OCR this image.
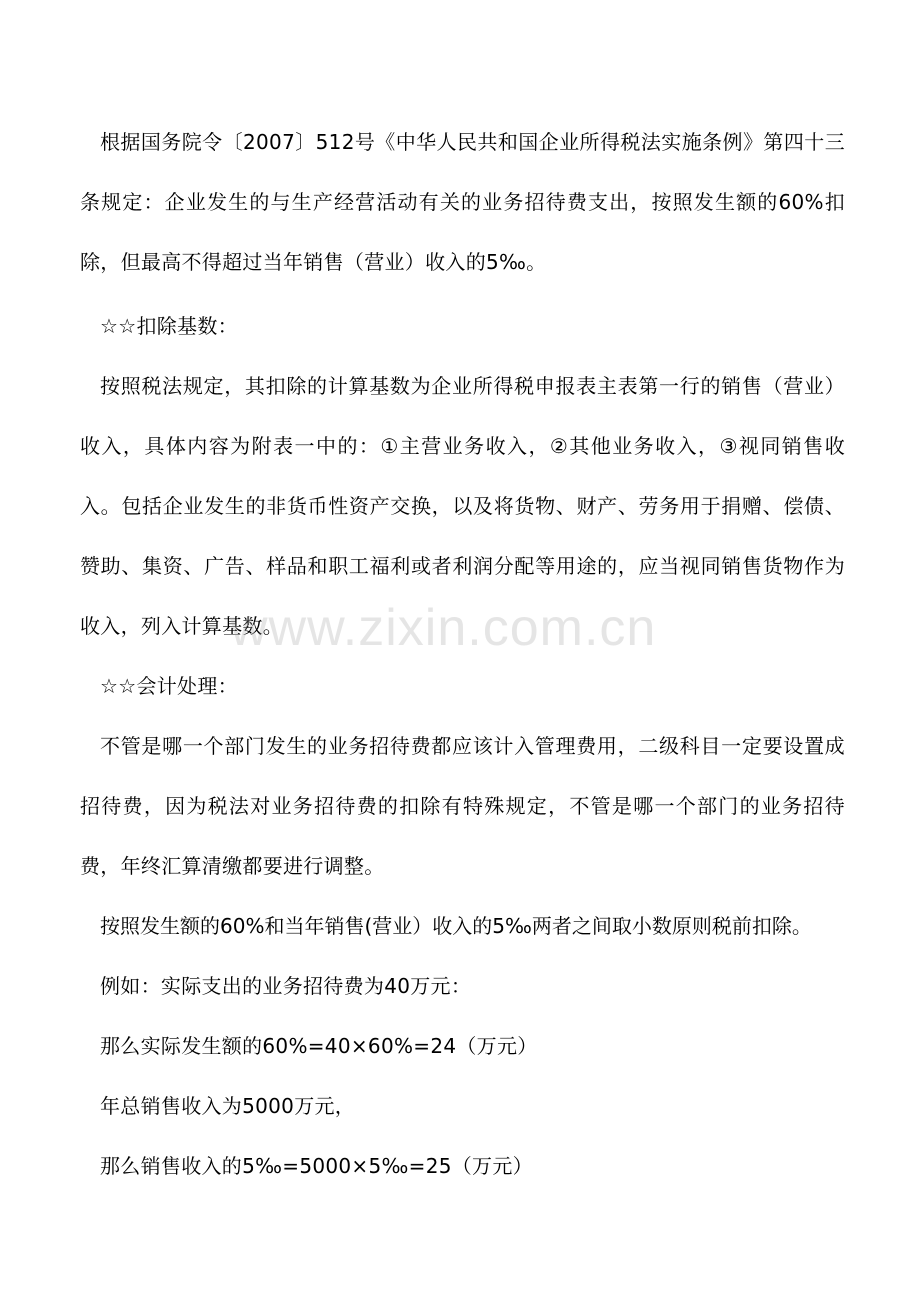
根据国务院令〔2007〕512号《中华人民共和国企业所得税法实施条例》第四十三条规定：企业发生的与生产经营活动有关的业务招待费支出，按照发生额的60%扣除，但最高不得超过当年销售（营业）收入的5‰。

☆☆扣除基数：

按照税法规定，其扣除的计算基数为企业所得税申报表主表第一行的销售（营业）收入，具体内容为附表一中的：①主营业务收入，②其他业务收入，③视同销售收入。包括企业发生的非货币性资产交换，以及将货物、财产、劳务用于捐赠、偿债、赞助、集资、广告、样品和职工福利或者利润分配等用途的，应当视同销售货物作为收入，列入计算基数。

☆☆会计处理：

不管是哪一个部门发生的业务招待费都应该计入管理费用，二级科目一定要设置成招待费，因为税法对业务招待费的扣除有特殊规定，不管是哪一个部门的业务招待费，年终汇算清缴都要进行调整。

按照发生额的60%和当年销售(营业）收入的5‰两者之间取小数原则税前扣除。

例如：实际支出的业务招待费为40万元：

那么实际发生额的60%=40×60%=24（万元）

年总销售收入为5000万元，

那么销售收入的5‰=5000×5‰=25（万元）

www.zixin.com.cn
